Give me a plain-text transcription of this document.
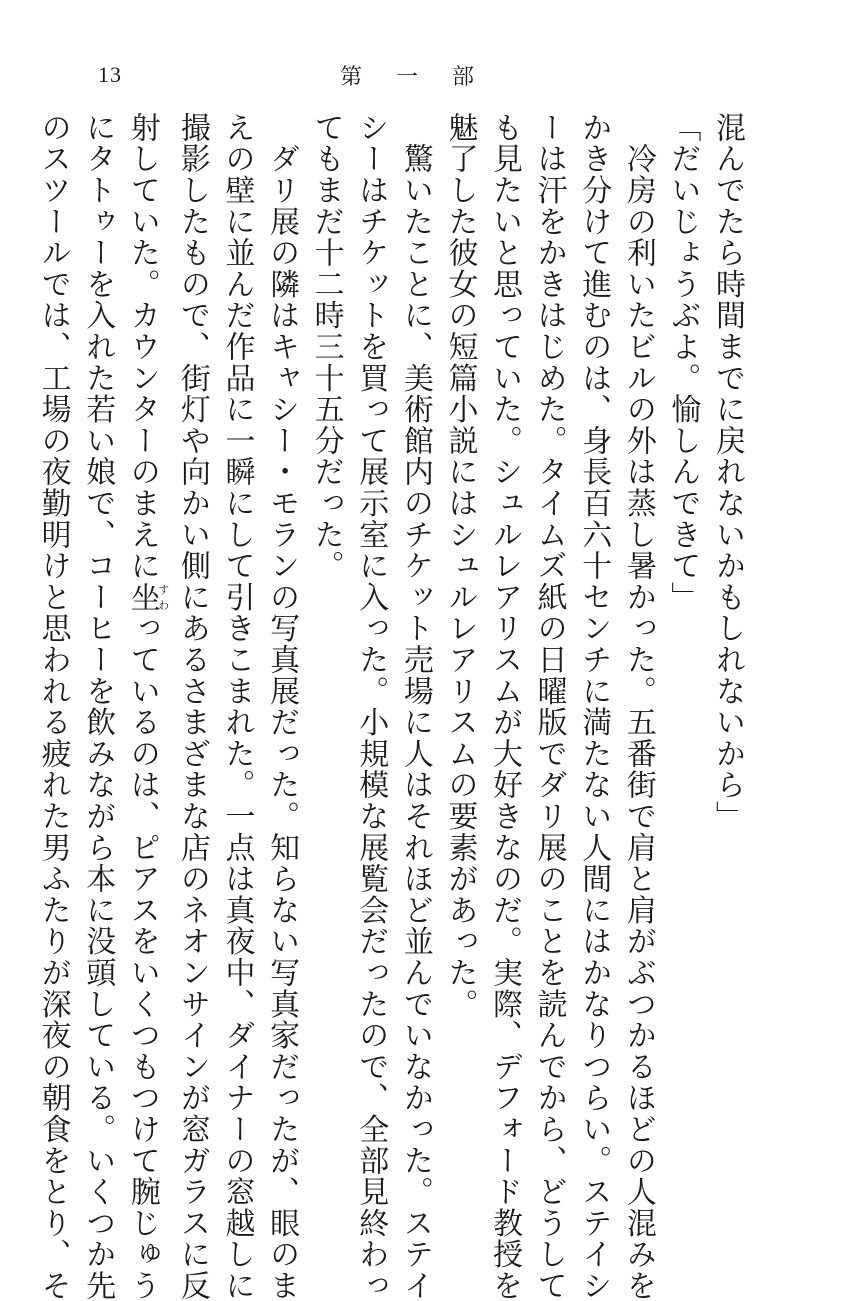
13	第 一 部

混んでたら時間までに戻れないかもしれないから」

「だいじょうぶよ。愉しんできて」

　冷房の利いたビルの外は蒸し暑かった。五番街で肩と肩がぶつかるほどの人混みを

かき分けて進むのは、身長百六十センチに満たない人間にはかなりつらい。ステイシ

ーは汗をかきはじめた。タイムズ紙の日曜版でダリ展のことを読んでから、どうして

も見たいと思っていた。シュルレアリスムが大好きなのだ。実際、デフォード教授を

魅了した彼女の短篇小説にはシュルレアリスムの要素があった。

　驚いたことに、美術館内のチケット売場に人はそれほど並んでいなかった。ステイ

シーはチケットを買って展示室に入った。小規模な展覧会だったので、全部見終わっ

てもまだ十二時三十五分だった。

　ダリ展の隣はキャシー・モランの写真展だった。知らない写真家だったが、眼のま

えの壁に並んだ作品に一瞬にして引きこまれた。一点は真夜中、ダイナーの窓越しに

撮影したもので、街灯や向かい側にあるさまざまな店のネオンサインが窓ガラスに反

射していた。カウンターのまえに坐すわっているのは、ピアスをいくつもつけて腕じゅう

にタトゥーを入れた若い娘で、コーヒーを飲みながら本に没頭している。いくつか先

のスツールでは、工場の夜勤明けと思われる疲れた男ふたりが深夜の朝食をとり、そ
